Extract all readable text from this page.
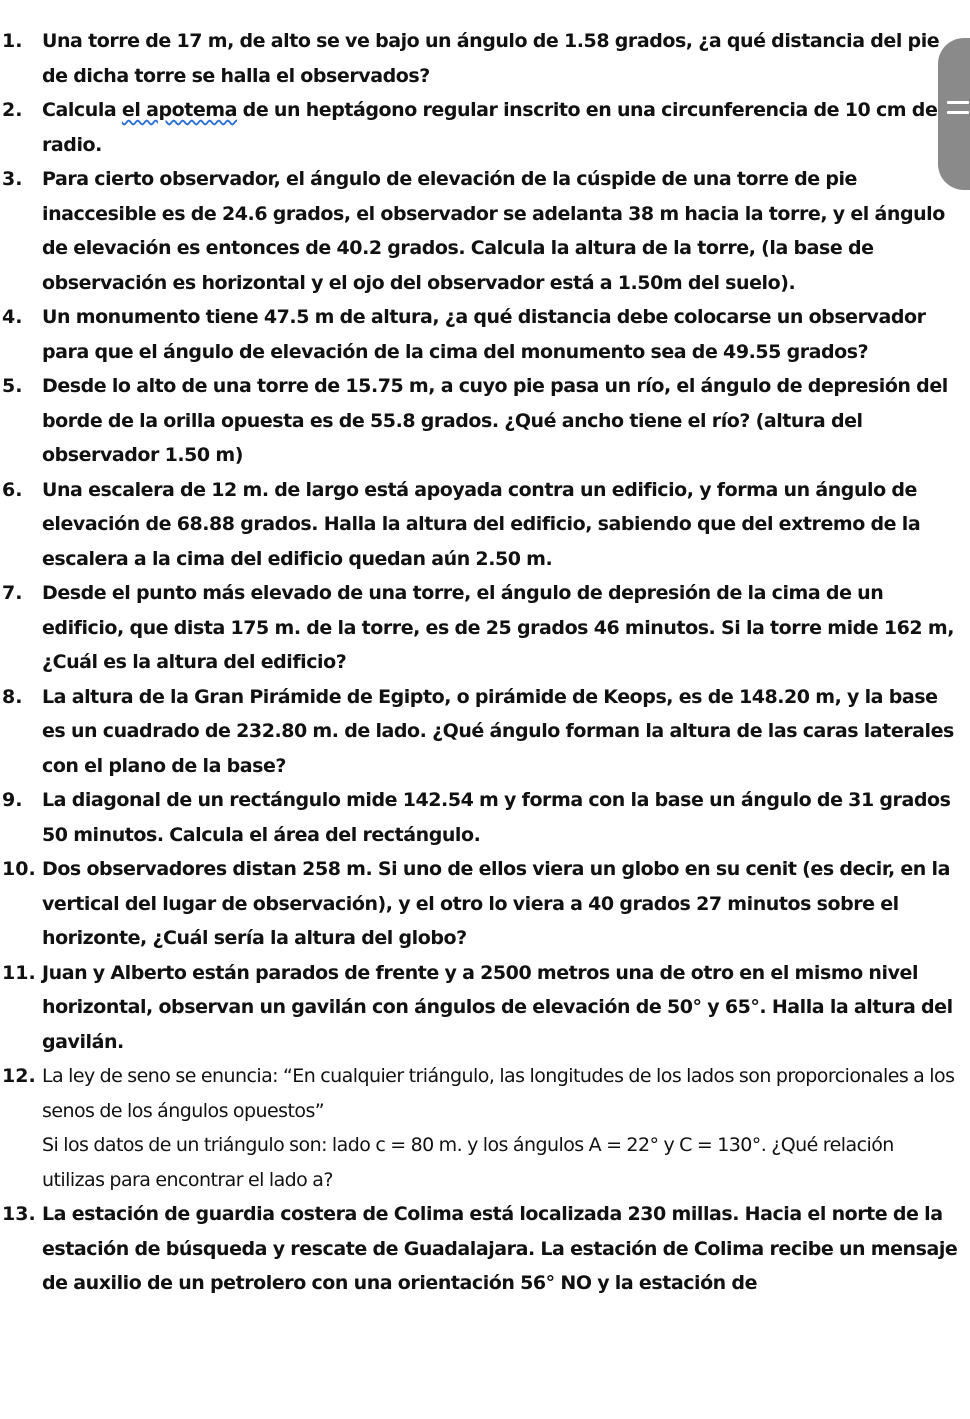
1.	Una torre de 17 m, de alto se ve bajo un ángulo de 1.58 grados, ¿a qué distancia del pie de dicha torre se halla el observados?
2.	Calcula el apotema de un heptágono regular inscrito en una circunferencia de 10 cm de radio.
3.	Para cierto observador, el ángulo de elevación de la cúspide de una torre de pie inaccesible es de 24.6 grados, el observador se adelanta 38 m hacia la torre, y el ángulo de elevación es entonces de 40.2 grados. Calcula la altura de la torre, (la base de observación es horizontal y el ojo del observador está a 1.50m del suelo).
4.	Un monumento tiene 47.5 m de altura, ¿a qué distancia debe colocarse un observador para que el ángulo de elevación de la cima del monumento sea de 49.55 grados?
5.	Desde lo alto de una torre de 15.75 m, a cuyo pie pasa un río, el ángulo de depresión del borde de la orilla opuesta es de 55.8 grados. ¿Qué ancho tiene el río? (altura del observador 1.50 m)
6.	Una escalera de 12 m. de largo está apoyada contra un edificio, y forma un ángulo de elevación de 68.88 grados. Halla la altura del edificio, sabiendo que del extremo de la escalera a la cima del edificio quedan aún 2.50 m.
7.	Desde el punto más elevado de una torre, el ángulo de depresión de la cima de un edificio, que dista 175 m. de la torre, es de 25 grados 46 minutos. Si la torre mide 162 m, ¿Cuál es la altura del edificio?
8.	La altura de la Gran Pirámide de Egipto, o pirámide de Keops, es de 148.20 m, y la base es un cuadrado de 232.80 m. de lado. ¿Qué ángulo forman la altura de las caras laterales con el plano de la base?
9.	La diagonal de un rectángulo mide 142.54 m y forma con la base un ángulo de 31 grados 50 minutos. Calcula el área del rectángulo.
10. Dos observadores distan 258 m. Si uno de ellos viera un globo en su cenit (es decir, en la vertical del lugar de observación), y el otro lo viera a 40 grados 27 minutos sobre el horizonte, ¿Cuál sería la altura del globo?
11. Juan y Alberto están parados de frente y a 2500 metros una de otro en el mismo nivel horizontal, observan un gavilán con ángulos de elevación de 50° y 65°. Halla la altura del gavilán.
12. La ley de seno se enuncia: “En cualquier triángulo, las longitudes de los lados son proporcionales a los senos de los ángulos opuestos”
Si los datos de un triángulo son: lado c = 80 m. y los ángulos A = 22° y C = 130°. ¿Qué relación utilizas para encontrar el lado a?
13. La estación de guardia costera de Colima está localizada 230 millas. Hacia el norte de la estación de búsqueda y rescate de Guadalajara. La estación de Colima recibe un mensaje de auxilio de un petrolero con una orientación 56° NO y la estación de
